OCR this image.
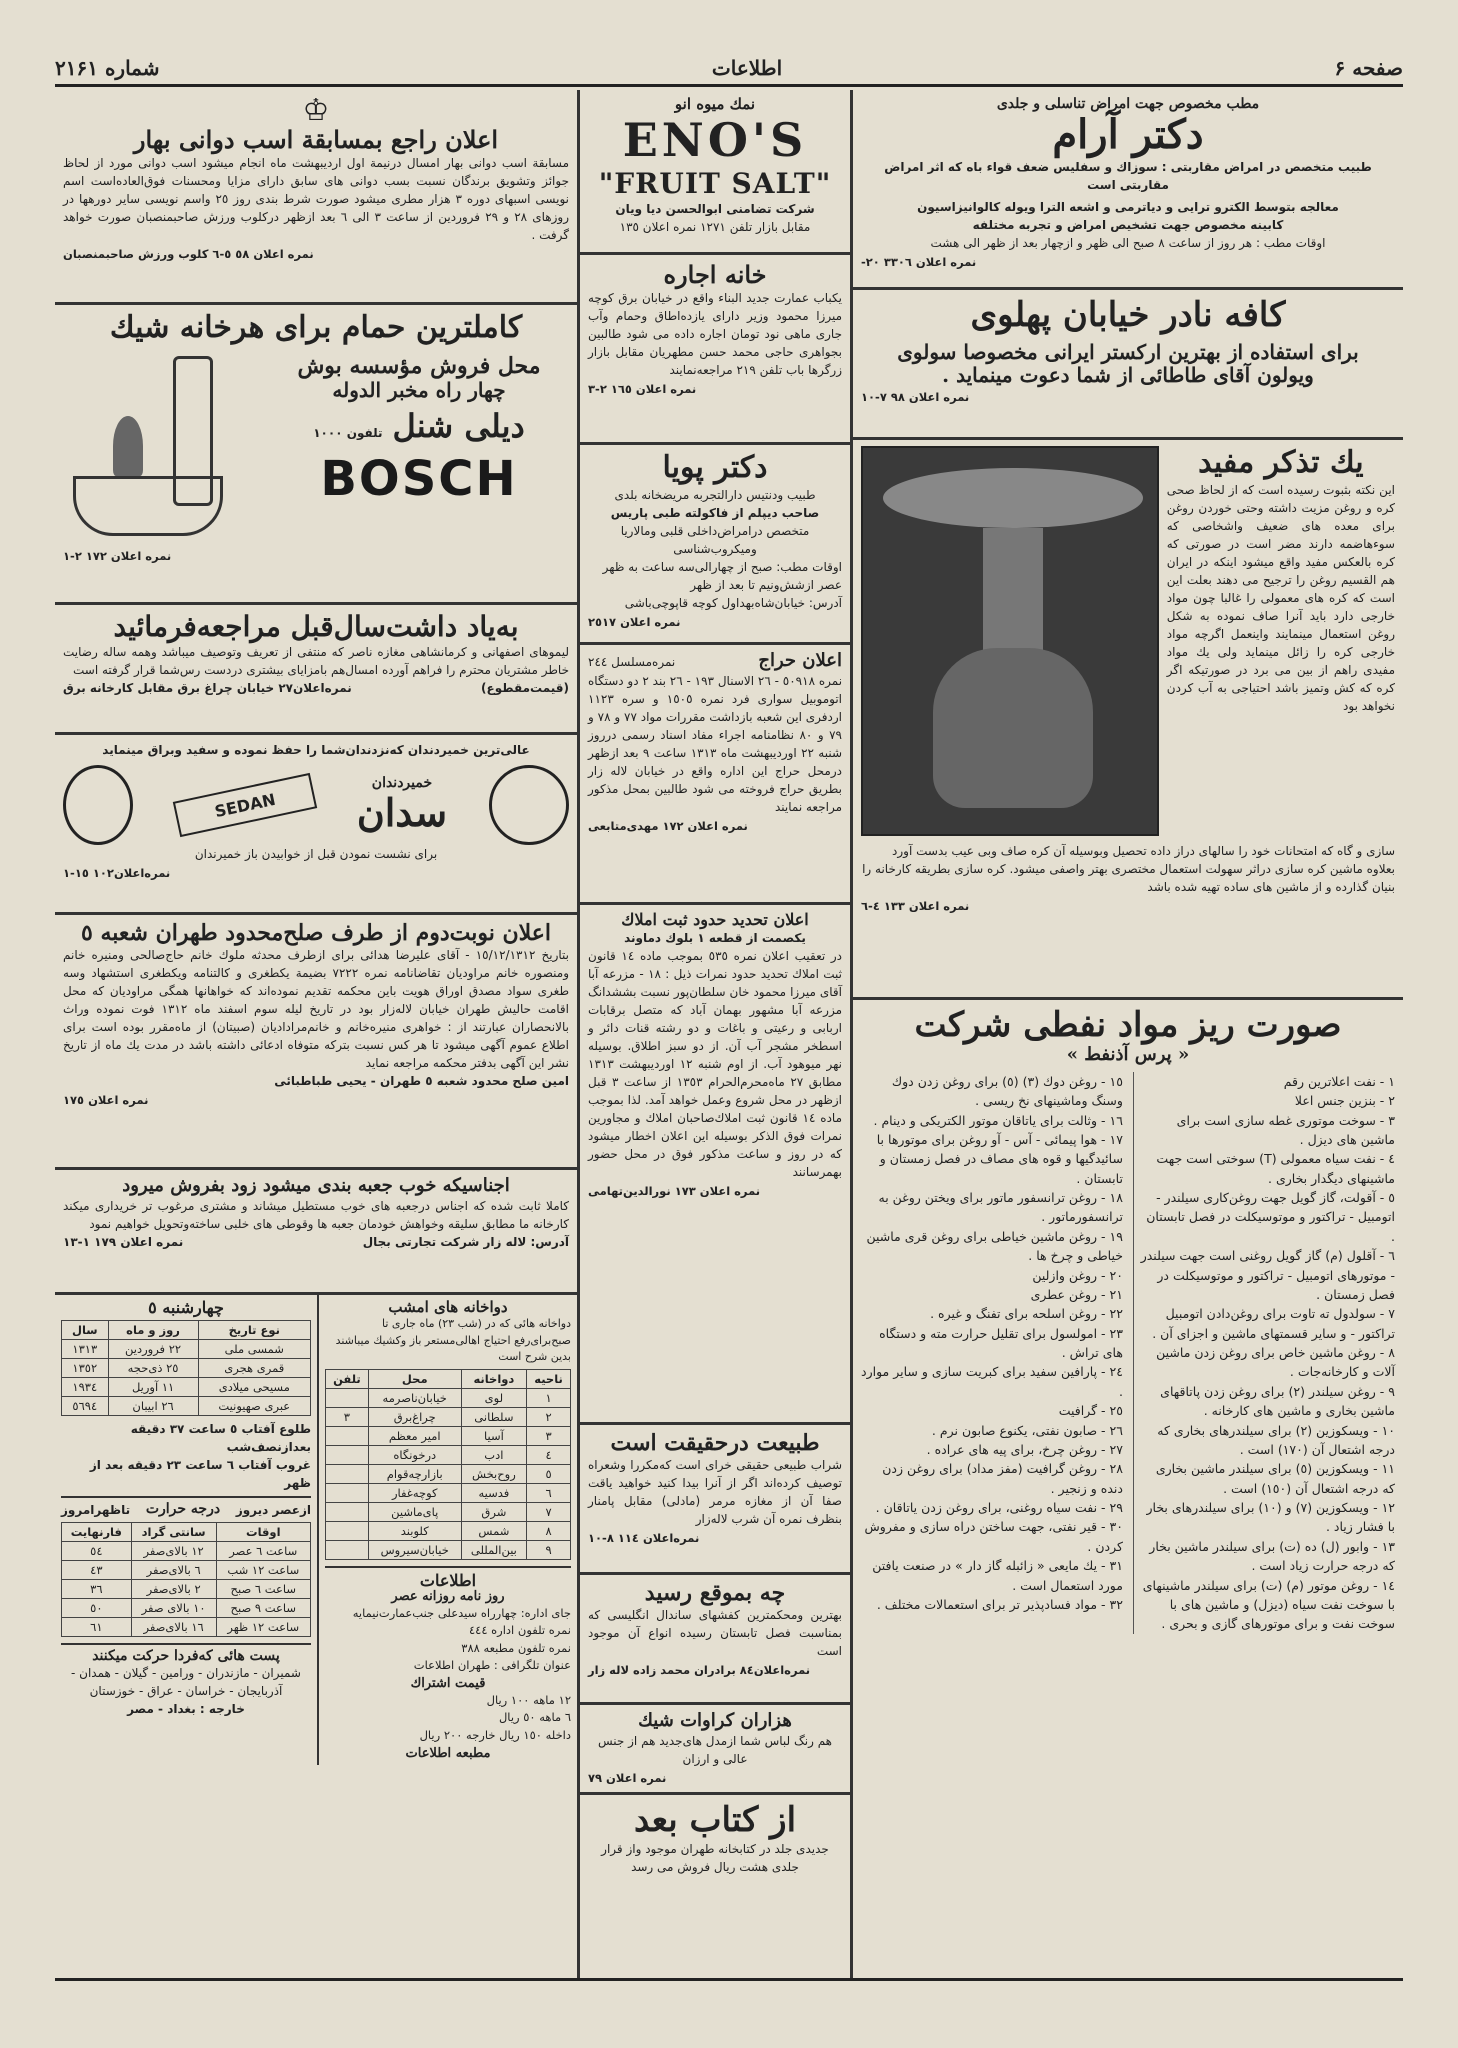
صفحه ۶
اطلاعات
شماره ۲۱۶۱
مطب مخصوص جهت امراض تناسلى و جلدى
دكتر آرام
طبيب متخصص در امراض مقاربتى : سوزاك و سفليس ضعف قواء باه كه اثر امراض مقاربتى است
معالجه بتوسط الكترو ترايى و دياترمى و اشعه الترا ويوله كالوانيزاسيون
كابينه مخصوص جهت تشخيص امراض و تجربه مختلفه
اوقات مطب : هر روز از ساعت ٨ صبح الى ظهر و ازچهار بعد از ظهر الى هشت
نمره اعلان ٣٣٠٦ ٢٠-
كافه نادر خيابان پهلوى
براى استفاده از بهترين اركستر ايرانى مخصوصا سولوى
ويولون آقاى طاطائى از شما دعوت مينمايد .
نمره اعلان ٩٨ ٧-١٠
يك تذكر مفيد
اين نكته بثبوت رسيده است كه از لحاظ صحى كره و روغن مزيت داشته وحتى خوردن روغن براى معده هاى ضعيف واشخاصى كه سوءهاضمه دارند مضر است در صورتى كه كره بالعكس مفيد واقع ميشود اينكه در ايران هم القسيم روغن را ترجيح مى دهند بعلت اين است كه كره هاى معمولى را غالبا چون مواد خارجى دارد بايد آنرا صاف نموده به شكل روغن استعمال مينمايند واينعمل اگرچه مواد خارجى كره را زائل مينمايد ولى يك مواد مفيدى راهم از بين مى برد در صورتيكه اگر كره كه كش وتميز باشد احتياجى به آب كردن نخواهد بود
سازى و گاه كه امتحانات خود را سالهاى دراز داده تحصيل وبوسيله آن كره صاف وبى عيب بدست آورد بعلاوه ماشين كره سازى دراثر سهولت استعمال مختصرى بهتر واصفى ميشود. كره سازى بطريقه كارخانه را بنيان گذارده و از ماشين هاى ساده تهيه شده باشد
نمره اعلان ١٣٣ ٤-٦
صورت ريز مواد نفطى شركت
« پرس آذنفط »
١ - نفت اعلاترين رقم
٢ - بنزين جنس اعلا
٣ - سوخت موتورى غطه سازى است براى ماشين هاى ديزل .
٤ - نفت سياه معمولى (T) سوختى است جهت ماشينهاى ديگدار بخارى .
٥ - آقولت، گاز گويل جهت روغن‌كارى سيلندر - اتومبيل - تراكتور و موتوسيكلت در فصل تابستان .
٦ - آقلول (م) گاز گويل روغنى است جهت سيلندر - موتورهاى اتومبيل - تراكتور و موتوسيكلت در فصل زمستان .
٧ - سولدول ته تاوت براى روغن‌دادن اتومبيل تراكتور - و ساير قسمتهاى ماشين و اجزاى آن .
٨ - روغن ماشين خاص براى روغن زدن ماشين ‌آلات و كارخانه‌جات .
٩ - روغن سيلندر (٢) براى روغن زدن پاتاقهاى ماشين بخارى و ماشين هاى كارخانه .
١٠ - ويسكوزين (٢) براى سيلندرهاى بخارى كه درجه اشتعال آن (١٧٠) است .
١١ - ويسكوزين (٥) براى سيلندر ماشين بخارى كه درجه اشتعال آن (١٥٠) است .
١٢ - ويسكوزين (٧) و (١٠) براى سيلندرهاى بخار با فشار زياد .
١٣ - وابور (ل) ده (ت) براى سيلندر ماشين بخار كه درجه حرارت زياد است .
١٤ - روغن موتور (م) (ت) براى سيلندر ماشينهاى با سوخت نفت سياه (ديزل) و ماشين هاى با سوخت نفت و براى موتورهاى گازى و بحرى .
١٥ - روغن دوك (٣) (٥) براى روغن زدن دوك وسنگ وماشينهاى نخ ريسى .
١٦ - وثالت براى ياتاقان موتور الكتريكى و دينام .
١٧ - هوا پيمائى - آس - آو روغن براى موتورها با سائيدگيها و قوه هاى مصاف در فصل زمستان و تابستان .
١٨ - روغن ترانسفور ماتور براى ويختن روغن به ترانسفورماتور .
١٩ - روغن ماشين خياطى براى روغن قرى ماشين خياطى و چرخ ها .
٢٠ - روغن وازلين
٢١ - روغن عطرى
٢٢ - روغن اسلحه براى تفنگ و غيره .
٢٣ - امولسول براى تقليل حرارت مته و دستگاه هاى تراش .
٢٤ - پارافين سفيد براى كبريت سازى و ساير موارد .
٢٥ - گرافيت
٢٦ - صابون نفتى، يكنوع صابون نرم .
٢٧ - روغن چرخ، براى پيه هاى عراده .
٢٨ - روغن گرافيت (مفز مداد) براى روغن زدن دنده و زنجير .
٢٩ - نفت سياه روغنى، براى روغن زدن ياتاقان .
٣٠ - قير نفتى، جهت ساختن دراه سازى و مفروش كردن .
٣١ - يك مايعى « زائبله گاز دار » در صنعت يافتن مورد استعمال است .
٣٢ - مواد فسادپذير تر براى استعمالات مختلف .
نمك ميوه انو
ENO'S
"FRUIT SALT"
شركت تضامنى ابوالحسن ديا ويان
مقابل بازار تلفن ١٢٧١ نمره اعلان ١٣٥
خانه اجاره
يكباب عمارت جديد البناء واقع در خيابان برق كوچه ميرزا محمود وزير داراى يازده‌اطاق وحمام وآب جارى ماهى نود تومان اجاره داده مى شود طالبين بجواهرى حاجى محمد حسن مطهريان مقابل بازار زرگرها باب تلفن ٢١٩ مراجعه‌نمايند
نمره اعلان ١٦٥ ٢-٣
دكتر پويا
طبيب ودنتيس دارالتجربه مريضخانه بلدى
صاحب ديپلم از فاكولته طبى پاريس
متخصص درامراض‌داخلى قلبى ومالاريا وميكروب‌شناسى
اوقات مطب: صبح از چهارالى‌سه ساعت به ظهر عصر از‌شش‌ونيم تا بعد از ظهر
آدرس: خيابان‌شاه‌بهداول كوچه قاپوچى‌باشى
نمره اعلان ٢٥١٧
اعلان حراج
نمره‌مسلسل ٢٤٤
نمره ٥٠٩١٨ - ٢٦ الاسنال ١٩٣ - ٢٦ بند ٢ دو دستگاه اتوموبيل سوارى فرد نمره ١٥٠٥ و سره ١١٢٣ اردفرى اين شعبه بازداشت مقررات مواد ٧٧ و ٧٨ و ٧٩ و ٨٠ نظامنامه اجراء مفاد اسناد رسمى درروز شنبه ٢٢ اورديبهشت ماه ١٣١٣ ساعت ٩ بعد ازظهر درمحل حراج اين اداره واقع در خيابان لاله زار بطريق حراج فروخته مى شود طالبين بمحل مذكور مراجعه نمايند
نمره اعلان ١٧٢ مهدى‌متابعى
اعلان تحديد حدود ثبت املاك
يكصمت از قطعه ١ بلوك دماوند
در تعقيب اعلان نمره ٥٣٥ بموجب ماده ١٤ قانون ثبت املاك تحديد حدود نمرات ذيل : ١٨ - مزرعه آبا آقاى ميرزا محمود خان سلطان‌پور نسبت بششدانگ مزرعه آبا مشهور بهمان آباد كه متصل برقابات اربابى و رعيتى و باغات و دو رشته قنات دائر و اسطخر مشجر آب آن. از دو سبز اطلاق. بوسيله نهر ميوهود آب. از اوم شنبه ١٢ اورديبهشت ١٣١٣ مطابق ٢٧ ماه‌محرم‌الحرام ١٣٥٣ از ساعت ٣ قبل ازظهر در محل شروع وعمل خواهد آمد. لذا بموجب ماده ١٤ قانون ثبت املاك‌صاحبان املاك و مجاورين نمرات فوق الذكر بوسيله اين اعلان اخطار ميشود كه در روز و ساعت مذكور فوق در محل حضور بهمرسانند
نمره اعلان ١٧٣ نورالدين‌تهامى
طبيعت درحقيقت است
شراب طبيعى حقيقى خراى است كه‌مكررا وشعراه توصيف كرده‌اند اگر از آنرا بيدا كنيد خواهيد ياقت صفا آن از مغازه مرمر (مادلى) مقابل پامنار بنظرف نمره آن شرب لاله‌زار
نمره‌اعلان ١١٤ ٨-١٠
چه بموقع رسيد
بهترين ومحكمترين كفشهاى ساندال انگليسى كه بمناسبت فصل تابستان رسيده انواع آن موجود است
نمره‌اعلان‌٨٤ برادران محمد زاده لاله زار
هزاران كراوات شيك
هم رنگ لباس شما ازمدل هاى‌جديد هم از جنس عالى و ارزان
نمره اعلان ٧٩
از كتاب بعد
جديدى جلد در كتابخانه طهران موجود واز قرار جلدى هشت ريال فروش مى رسد
♔
اعلان راجع بمسابقة اسب دوانى بهار
مسابقة اسب دوانى بهار امسال درنيمة اول ارديبهشت ماه انجام ميشود اسب دوانى مورد از لحاظ جوائز وتشويق برندگان نسبت بسب دوانى هاى سابق داراى مزايا ومحسنات فوق‌العاده‌است اسم نويسى اسبهاى دوره ٣ هزار مطرى ميشود صورت شرط بندى روز ٢٥ واسم نويسى ساير دورهها در روزهاى ٢٨ و ٢٩ فروردين از ساعت ٣ الى ٦ بعد ازظهر دركلوب ورزش صاحبمنصبان صورت خواهد گرفت .
نمره اعلان ٥٨ ٥-٦ كلوب ورزش صاحبمنصبان
كاملترين حمام براى هرخانه شيك
محل فروش مؤسسه بوش
چهار راه مخبر الدوله
ديلى شنل
تلفون ١٠٠٠
BOSCH
نمره اعلان ١٧٢ ٢-١
به‌ياد داشت‌سال‌قبل مراجعه‌فرمائيد
ليموهاى اصفهانى و كرمانشاهى مغازه ناصر كه منتفى از تعريف وتوصيف ميباشد وهمه ساله رضايت خاطر مشتريان محترم را فراهم آورده امسال‌هم بامزاياى بيشترى دردست رس‌شما قرار گرفته است
(قيمت‌مقطوع)
نمره‌اعلان‌٢٧ خيابان چراغ برق مقابل كارخانه برق
عالى‌ترين خميردندان كه‌نزدندان‌شما را حفظ نموده و سفيد وبراق مينمايد
خميردندان
سدان
SEDAN
براى نشست نمودن قبل از خوابيدن باز خميرندان
نمره‌اعلان١٠٢ ١٥-١
اعلان نوبت‌دوم از طرف صلح‌محدود طهران شعبه ٥
بتاريخ ١٥/١٢/١٣١٢ - آقاى عليرضا هدائى براى ازطرف محدثه ملوك خانم حاج‌صالحى ومنيره خانم ومنصوره خانم مراوديان تقاضانامه نمره ٧٢٢٢ بضيمة يكطغرى و كالتنامه ويكطغرى استشهاد وسه طغرى سواد مصدق اوراق هويت باين محكمه تقديم نموده‌اند كه خواهانها همگى مراوديان كه محل اقامت حاليش طهران خيابان لاله‌زار بود در تاريخ ليله سوم اسفند ماه ١٣١٢ فوت نموده وراث بالانحصاران عبارتند از : خواهرى منيره‌خانم و خانم‌مراد‌اديان (صبيتان) از ماه‌مقرر بوده است براى اطلاع عموم آگهى ميشود تا هر كس نسبت بتركه متوفاه ادعائى داشته باشد در مدت يك ماه از تاريخ نشر اين آگهى بدفتر محكمه مراجعه نمايد
امين صلح محدود شعبه ٥ طهران - يحيى طباطبائى
نمره اعلان ١٧٥
اجناسيكه خوب جعبه بندى ميشود زود بفروش ميرود
كاملا ثابت شده كه اجناس درجعبه هاى خوب مستطيل ميشاند و مشترى مرغوب تر خريدارى ميكند كارخانه ما مطابق سليقه وخواهش خودمان جعبه ها وقوطى هاى خلبى ساخته‌وتحويل خواهيم نمود
آدرس: لاله زار شركت تجارتى بجال
نمره اعلان ١٧٩ ١-١٣
دواخانه هاى امشب
دواخانه هائى كه در (شب ٢٣) ماه جارى تا صبح‌براى‌رفع احتياج اهالى‌مستعر باز وكشيك ميباشند بدين شرح است
ناحيه	دواخانه	محل	تلفن
١	لوى	خيابان‌ناصرمه	
٢	سلطانى	چراغ‌برق	٣
٣	آسيا	امير معظم	
٤	ادب	درخونگاه	
٥	روح‌بخش	بازارچه‌قوام	
٦	فدسيه	كوچه‌غفار	
٧	شرق	پاى‌ماشين	
٨	شمس	كلوبند	
٩	بين‌المللى	خيابان‌سيروس	
اطلاعات
روز نامه روزانه عصر
جاى اداره: چهارراه سيدعلى جنب‌عمارت‌نيمايه
نمره تلفون اداره ٤٤٤
نمره تلفون مطبعه ٣٨٨
عنوان تلگرافى : طهران اطلاعات
قيمت اشتراك
١٢ ماهه ١٠٠ ريال
٦ ماهه ٥٠ ريال
داخله ١٥٠ ريال خارجه ٢٠٠ ريال
مطبعه اطلاعات
چهارشنبه ٥
نوع تاريخ	روز و ماه	سال
شمسى ملى	٢٢ فروردين	١٣١٣
قمرى هجرى	٢٥ ذى‌حجه	١٣٥٢
مسيحى ميلادى	١١ آوريل	١٩٣٤
عبرى صهيونيت	٢٦ ابيبان	٥٦٩٤
طلوع آفتاب ٥ ساعت ٣٧ دقيقه بعداز‌نصف‌شب
غروب آفتاب ٦ ساعت ٢٣ دقيقه بعد از ظهر
ازعصر ديروز
درجه حرارت
تاظهرامروز
اوقات	سانتى گراد	فارنهايت
ساعت ٦ عصر	١٢ بالاى‌صفر	٥٤
ساعت ١٢ شب	٦ بالاى‌صفر	٤٣
ساعت ٦ صبح	٢ بالاى‌صفر	٣٦
ساعت ٩ صبح	١٠ بالاى صفر	٥٠
ساعت ١٢ ظهر	١٦ بالاى‌صفر	٦١
پست هائى كه‌فردا حركت ميكنند
شميران - مازندران - ورامين - گيلان - همدان - آذربايجان - خراسان - عراق - خوزستان
خارجه : بغداد - مصر
